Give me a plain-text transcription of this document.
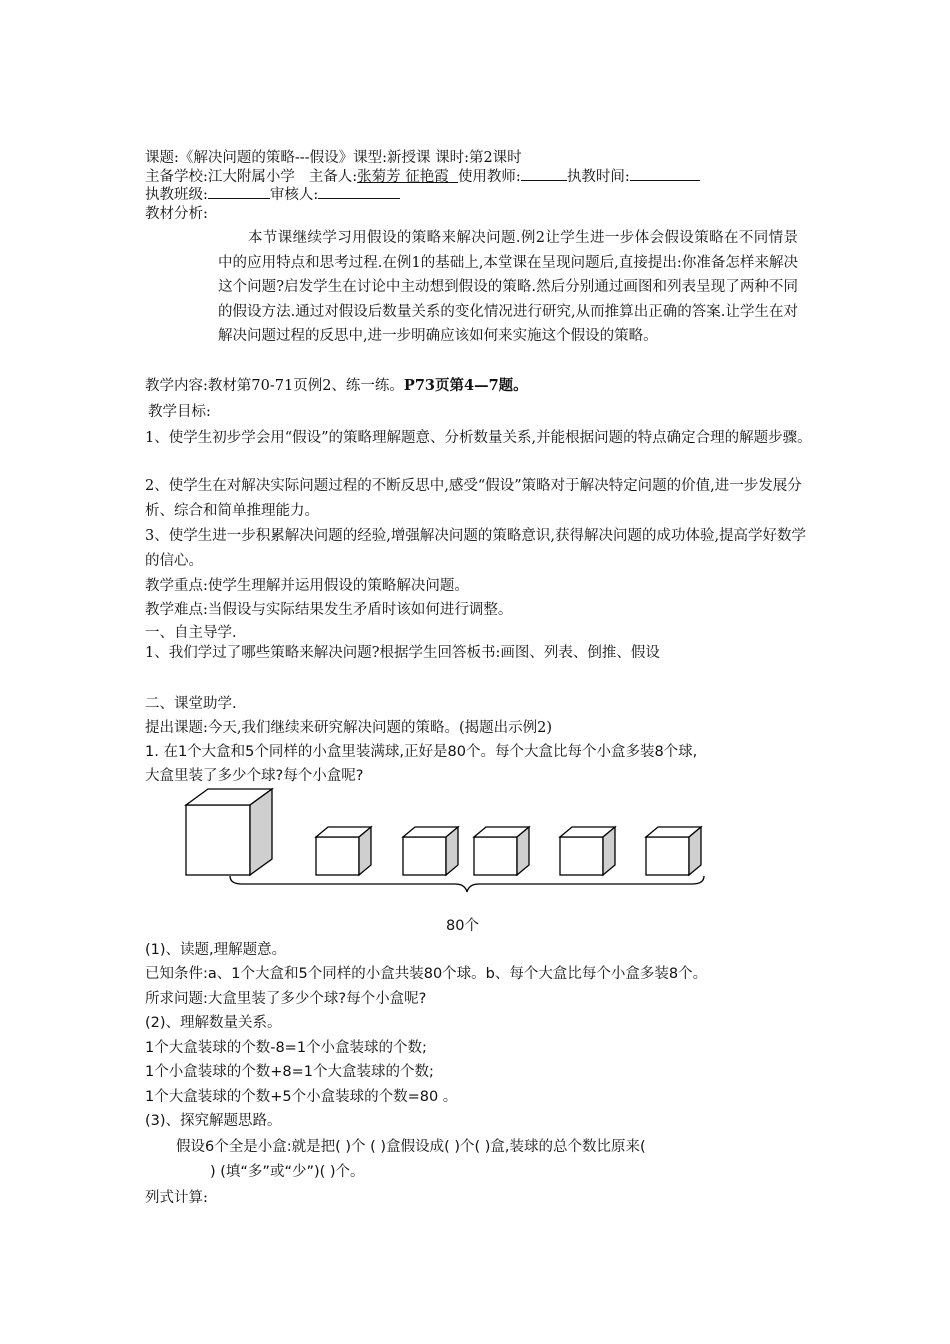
课题:《解决问题的策略---假设》课型:新授课 课时:第2课时
主备学校:江大附属小学 主备人:张菊芳 征艳霞 使用教师:	执教时间:
执教班级:	审核人:
教材分析:
本节课继续学习用假设的策略来解决问题.例2让学生进一步体会假设策略在不同情景中的应用特点和思考过程.在例1的基础上,本堂课在呈现问题后,直接提出:你准备怎样来解决这个问题?启发学生在讨论中主动想到假设的策略.然后分别通过画图和列表呈现了两种不同的假设方法.通过对假设后数量关系的变化情况进行研究,从而推算出正确的答案.让学生在对解决问题过程的反思中,进一步明确应该如何来实施这个假设的策略。
教学内容:教材第70-71页例2、练一练。P73页第4—7题。
教学目标:
1、使学生初步学会用“假设”的策略理解题意、分析数量关系,并能根据问题的特点确定合理的解题步骤。
2、使学生在对解决实际问题过程的不断反思中,感受“假设”策略对于解决特定问题的价值,进一步发展分析、综合和简单推理能力。
3、使学生进一步积累解决问题的经验,增强解决问题的策略意识,获得解决问题的成功体验,提高学好数学的信心。
教学重点:使学生理解并运用假设的策略解决问题。
教学难点:当假设与实际结果发生矛盾时该如何进行调整。
一、自主导学.
1、我们学过了哪些策略来解决问题?根据学生回答板书:画图、列表、倒推、假设
二、课堂助学.
提出课题:今天,我们继续来研究解决问题的策略。(揭题出示例2)
1. 在1个大盒和5个同样的小盒里装满球,正好是80个。每个大盒比每个小盒多装8个球,
大盒里装了多少个球?每个小盒呢?
80个
(1)、读题,理解题意。
已知条件:a、1个大盒和5个同样的小盒共装80个球。b、每个大盒比每个小盒多装8个。
所求问题:大盒里装了多少个球?每个小盒呢?
(2)、理解数量关系。
1个大盒装球的个数-8=1个小盒装球的个数;
1个小盒装球的个数+8=1个大盒装球的个数;
1个大盒装球的个数+5个小盒装球的个数=80 。
(3)、探究解题思路。
假设6个全是小盒:就是把( )个 ( )盒假设成( )个( )盒,装球的总个数比原来(
) (填“多”或“少”)( )个。
列式计算:
